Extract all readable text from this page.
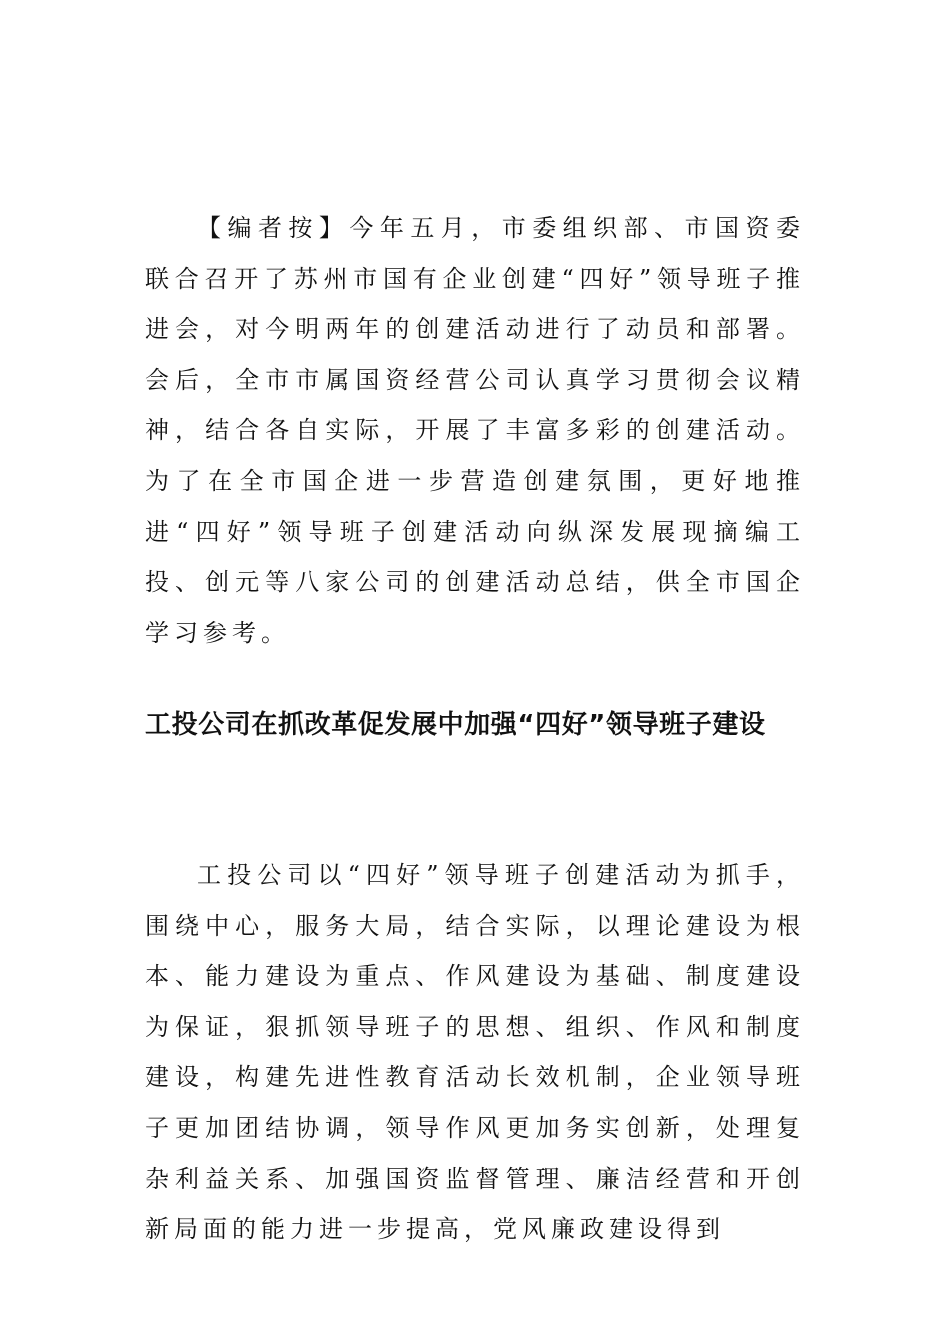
【编者按】今年五月，市委组织部、市国资委联合召开了苏州市国有企业创建“四好”领导班子推进会，对今明两年的创建活动进行了动员和部署。会后，全市市属国资经营公司认真学习贯彻会议精神，结合各自实际，开展了丰富多彩的创建活动。为了在全市国企进一步营造创建氛围，更好地推进“四好”领导班子创建活动向纵深发展现摘编工投、创元等八家公司的创建活动总结，供全市国企学习参考。

工投公司在抓改革促发展中加强“四好”领导班子建设

工投公司以“四好”领导班子创建活动为抓手，围绕中心，服务大局，结合实际，以理论建设为根本、能力建设为重点、作风建设为基础、制度建设为保证，狠抓领导班子的思想、组织、作风和制度建设，构建先进性教育活动长效机制，企业领导班子更加团结协调，领导作风更加务实创新，处理复杂利益关系、加强国资监督管理、廉洁经营和开创新局面的能力进一步提高，党风廉政建设得到
